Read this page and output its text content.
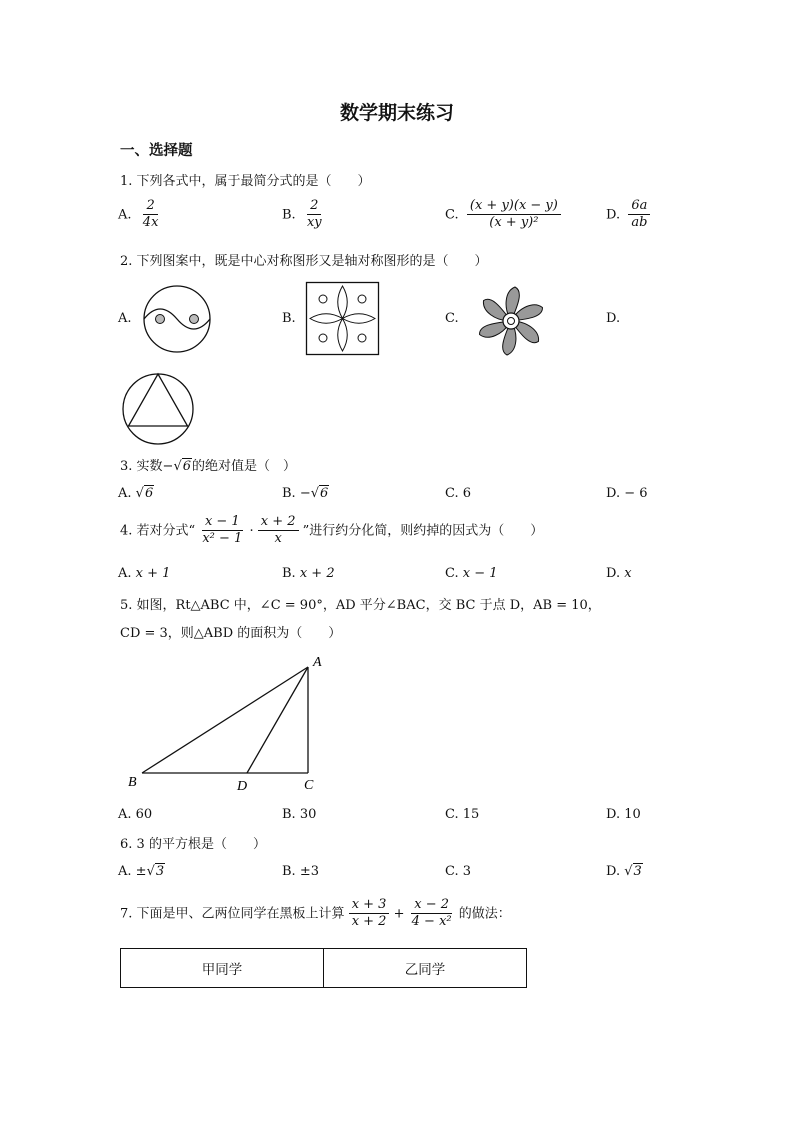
数学期末练习
一、选择题
1. 下列各式中，属于最简分式的是（　　）
A. $\frac{2}{4x}$	B. $\frac{2}{xy}$	C. $\frac{(x + y)(x - y)}{\text{(x + y)²}}$	D. $\frac{6a}{ab}$
2. 下列图案中，既是中心对称图形又是轴对称图形的是（　　）
A.	B.	C.	D.
3. 实数−√6的绝对值是（　）
A. √6	B. −√6	C. 6	D. − 6
4. 若对分式“ $\frac{x - 1}{\text{x² − 1}} \cdot \frac{x + 2}{x}$ ”进行约分化简，则约掉的因式为（　　）
A. x + 1	B. x + 2	C. x − 1	D. x
5. 如图，Rt△ABC 中，∠C = 90°，AD 平分∠BAC，交 BC 于点 D，AB = 10，
CD = 3，则△ABD 的面积为（　　）
A
B	C
D
A. 60	B. 30	C. 15	D. 10
6. 3 的平方根是（　　）
A. ±√3	B. ±3	C. 3	D. √3
7. 下面是甲、乙两位同学在黑板上计算 $\frac{x + 3}{x + 2} + \frac{x - 2}{\text{4 − x²}}$ 的做法：
甲同学	乙同学
